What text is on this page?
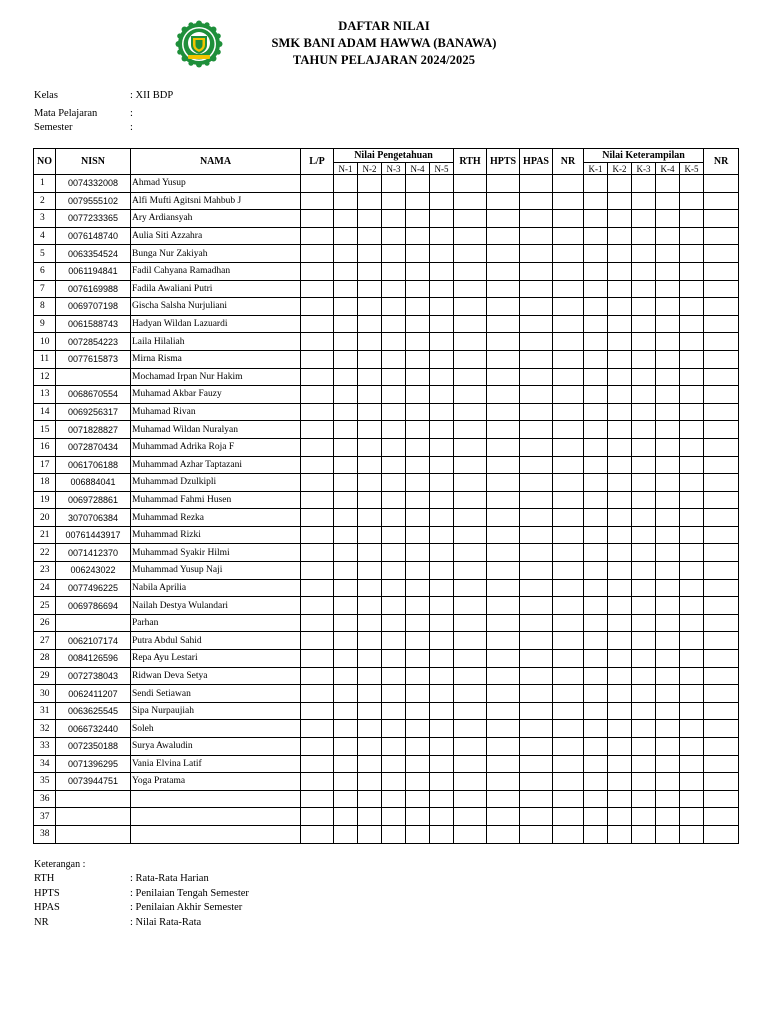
DAFTAR NILAI
SMK BANI ADAM HAWWA (BANAWA)
TAHUN PELAJARAN 2024/2025
Kelas	: XII BDP
Mata Pelajaran	:
Semester	:
NO	NISN	NAMA	L/P	Nilai Pengetahuan					RTH	HPTS	HPAS	NR	Nilai Keterampilan					NR
				N-1	N-2	N-3	N-4	N-5					K-1	K-2	K-3	K-4	K-5	
1	0074332008	Ahmad Yusup																
2	0079555102	Alfi Mufti Agitsni Mahbub J																
3	0077233365	Ary Ardiansyah																
4	0076148740	Aulia Siti Azzahra																
5	0063354524	Bunga Nur Zakiyah																
6	0061194841	Fadil Cahyana Ramadhan																
7	0076169988	Fadila Awaliani Putri																
8	0069707198	Gischa Salsha Nurjuliani																
9	0061588743	Hadyan Wildan Lazuardi																
10	0072854223	Laila Hilaliah																
11	0077615873	Mirna Risma																
12		Mochamad Irpan Nur Hakim																
13	0068670554	Muhamad Akbar Fauzy																
14	0069256317	Muhamad Rivan																
15	0071828827	Muhamad Wildan Nuralyan																
16	0072870434	Muhammad Adrika Roja F																
17	0061706188	Muhammad Azhar Taptazani																
18	006884041	Muhammad Dzulkipli																
19	0069728861	Muhammad Fahmi Husen																
20	3070706384	Muhammad Rezka																
21	00761443917	Muhammad Rizki																
22	0071412370	Muhammad Syakir Hilmi																
23	006243022	Muhammad Yusup Naji																
24	0077496225	Nabila Aprilia																
25	0069786694	Nailah Destya Wulandari																
26		Parhan																
27	0062107174	Putra Abdul Sahid																
28	0084126596	Repa Ayu Lestari																
29	0072738043	Ridwan Deva Setya																
30	0062411207	Sendi Setiawan																
31	0063625545	Sipa Nurpaujiah																
32	0066732440	Soleh																
33	0072350188	Surya Awaludin																
34	0071396295	Vania Elvina Latif																
35	0073944751	Yoga Pratama																
36																		
37																		
38																		
Keterangan :
RTH	: Rata-Rata Harian
HPTS	: Penilaian Tengah Semester
HPAS	: Penilaian Akhir Semester
NR	: Nilai Rata-Rata
